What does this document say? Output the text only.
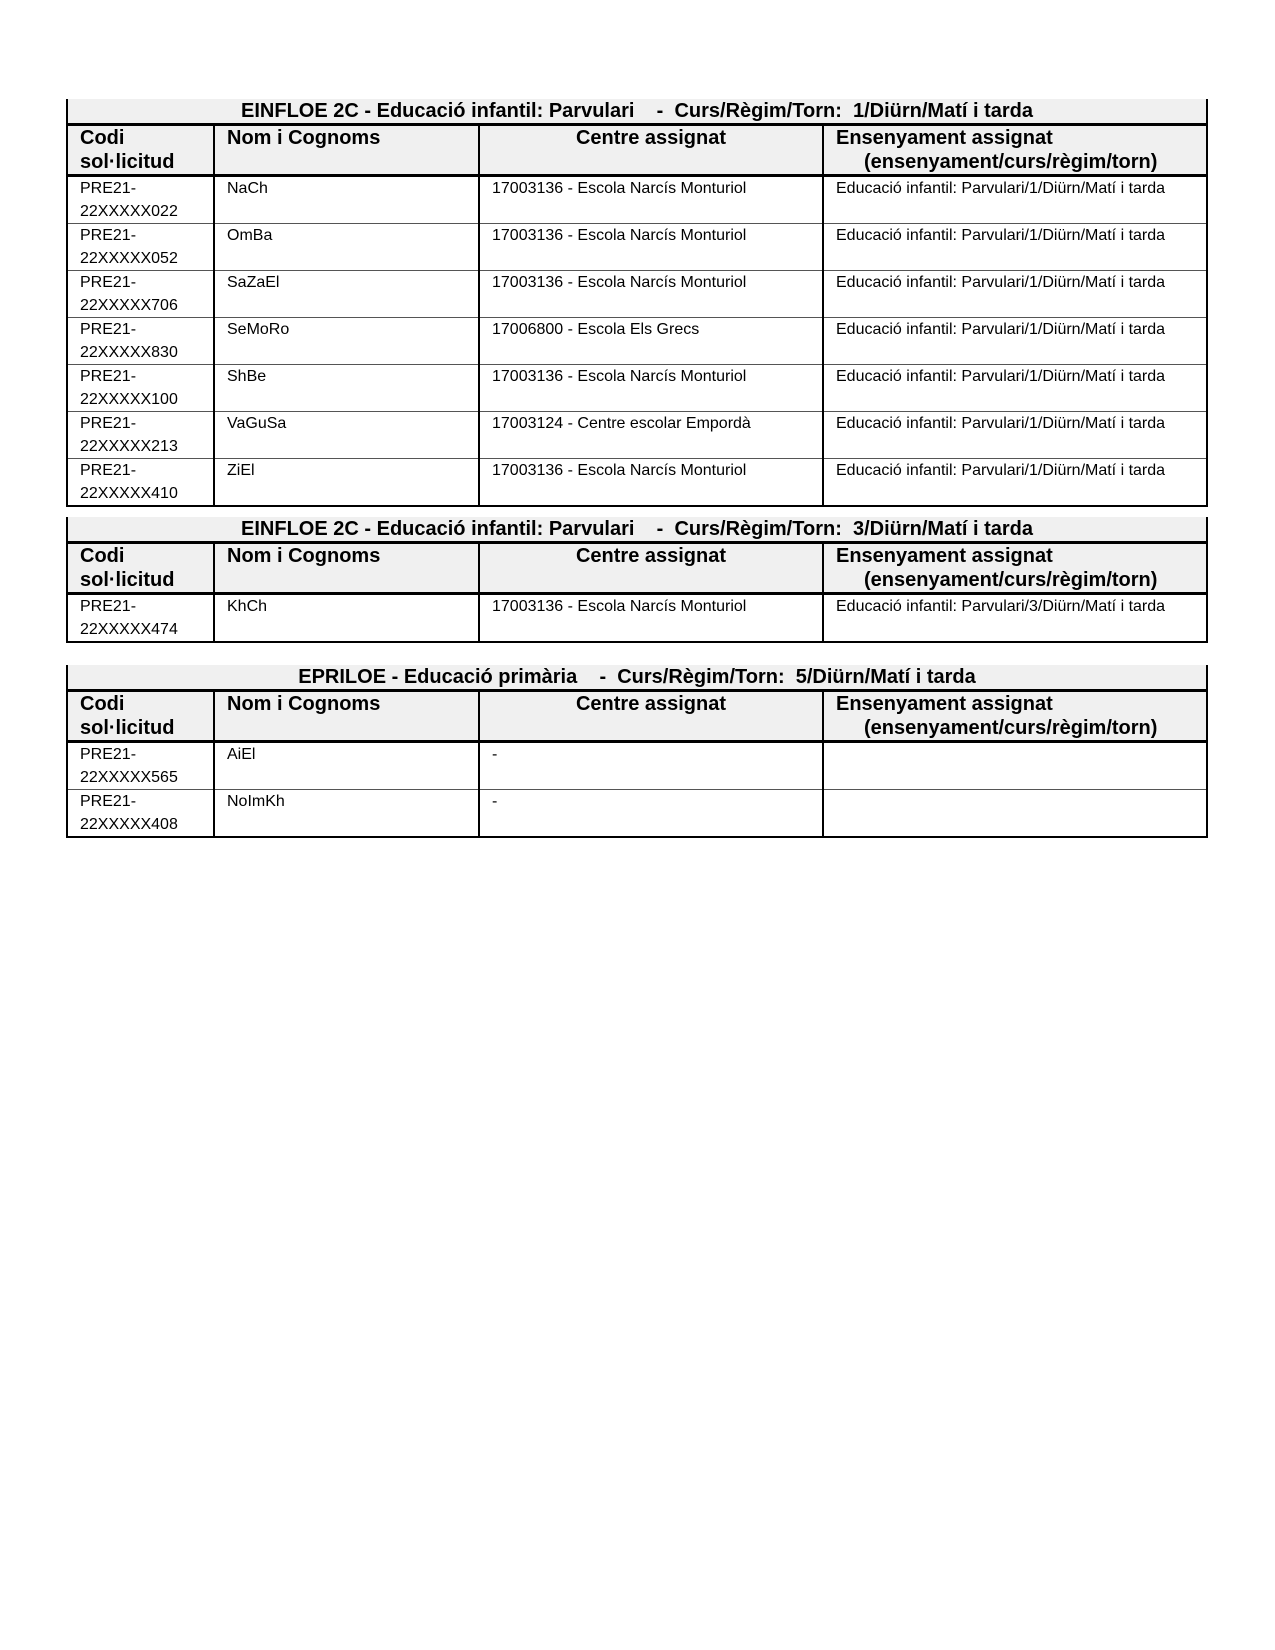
EINFLOE 2C - Educació infantil: Parvulari    -  Curs/Règim/Torn:  1/Diürn/Matí i tarda			
Codi
sol·licitud	Nom i Cognoms	Centre assignat	Ensenyament assignat
(ensenyament/curs/règim/torn)

PRE21-
22XXXXX022	NaCh	17003136 - Escola Narcís Monturiol	Educació infantil: Parvulari/1/Diürn/Matí i tarda

PRE21-
22XXXXX052	OmBa	17003136 - Escola Narcís Monturiol	Educació infantil: Parvulari/1/Diürn/Matí i tarda

PRE21-
22XXXXX706	SaZaEl	17003136 - Escola Narcís Monturiol	Educació infantil: Parvulari/1/Diürn/Matí i tarda

PRE21-
22XXXXX830	SeMoRo	17006800 - Escola Els Grecs	Educació infantil: Parvulari/1/Diürn/Matí i tarda

PRE21-
22XXXXX100	ShBe	17003136 - Escola Narcís Monturiol	Educació infantil: Parvulari/1/Diürn/Matí i tarda

PRE21-
22XXXXX213	VaGuSa	17003124 - Centre escolar Empordà	Educació infantil: Parvulari/1/Diürn/Matí i tarda

PRE21-
22XXXXX410	ZiEl	17003136 - Escola Narcís Monturiol	Educació infantil: Parvulari/1/Diürn/Matí i tarda
EINFLOE 2C - Educació infantil: Parvulari    -  Curs/Règim/Torn:  3/Diürn/Matí i tarda			
Codi
sol·licitud	Nom i Cognoms	Centre assignat	Ensenyament assignat
(ensenyament/curs/règim/torn)

PRE21-
22XXXXX474	KhCh	17003136 - Escola Narcís Monturiol	Educació infantil: Parvulari/3/Diürn/Matí i tarda
EPRILOE - Educació primària    -  Curs/Règim/Torn:  5/Diürn/Matí i tarda			
Codi
sol·licitud	Nom i Cognoms	Centre assignat	Ensenyament assignat
(ensenyament/curs/règim/torn)

PRE21-
22XXXXX565	AiEl	-	

PRE21-
22XXXXX408	NoImKh	-	
